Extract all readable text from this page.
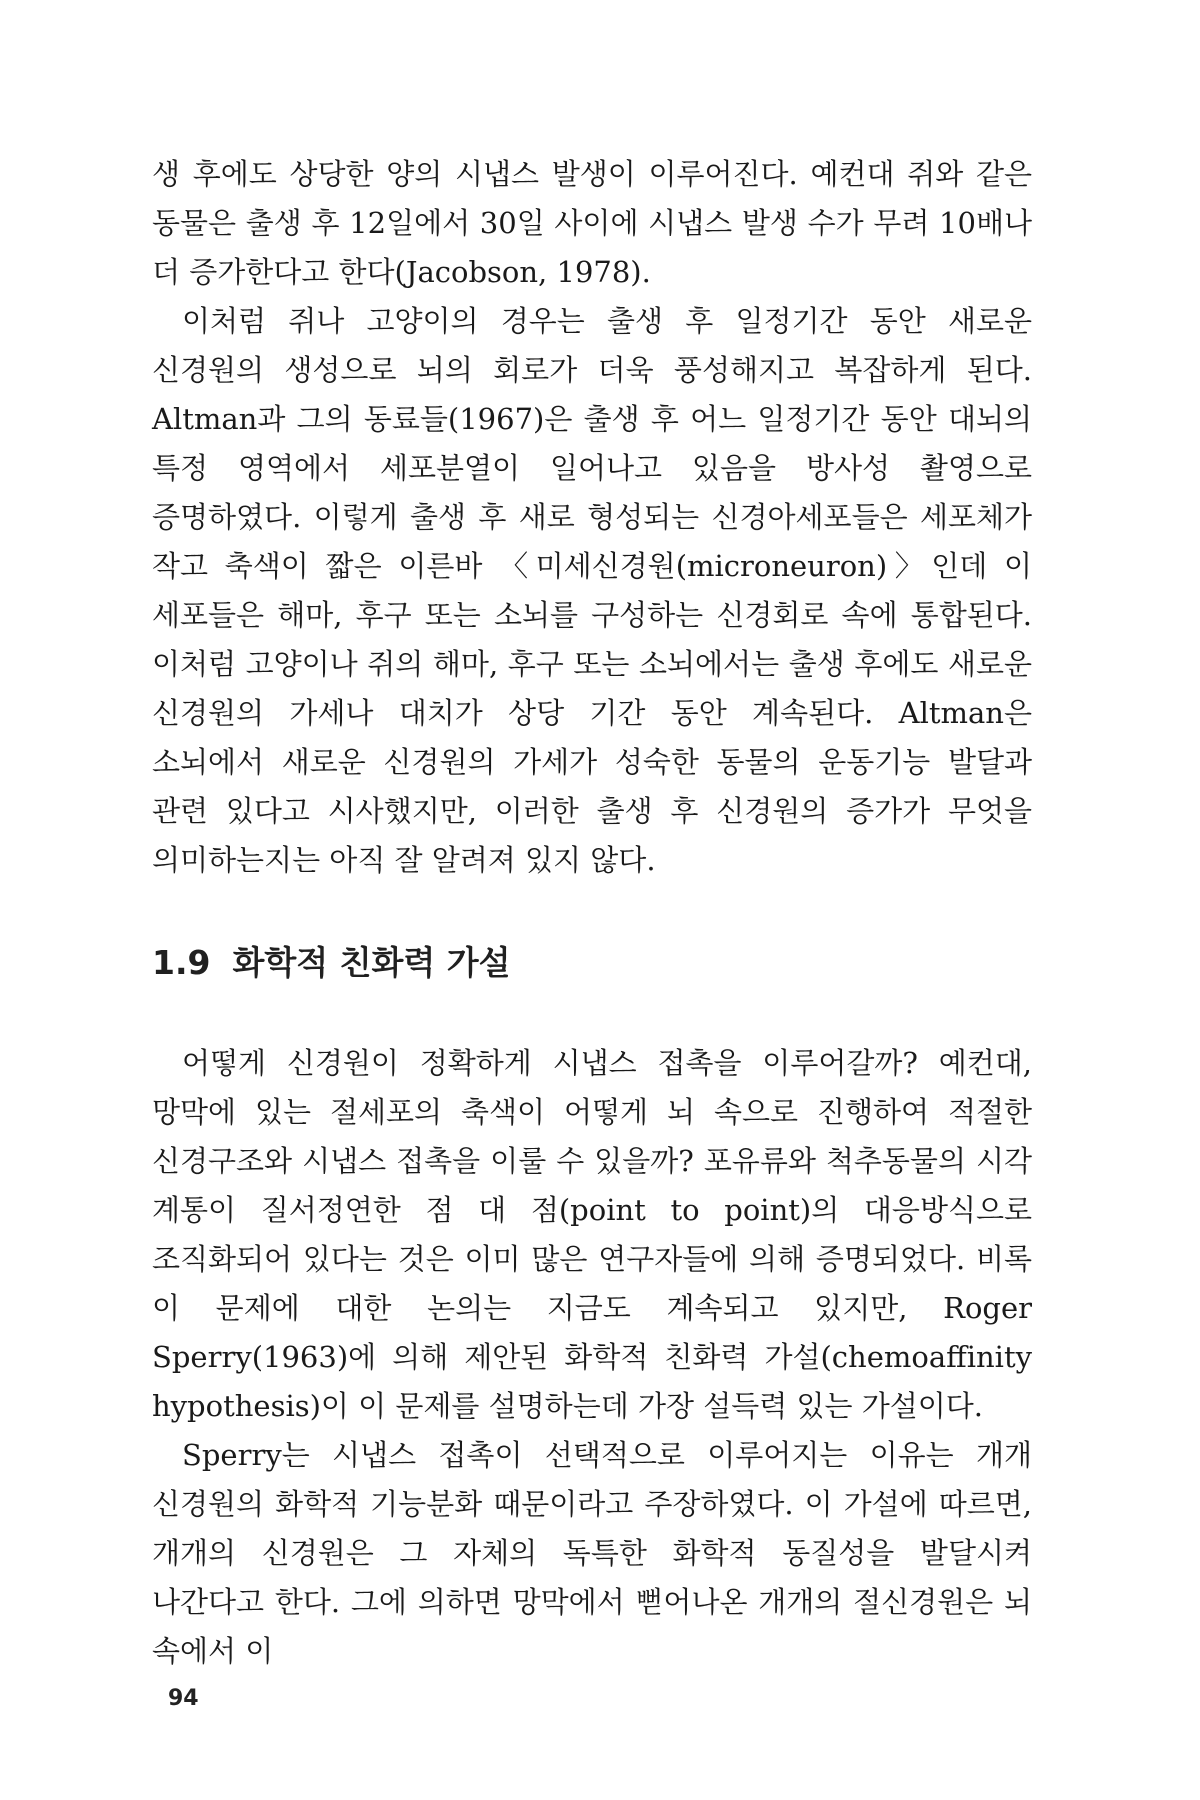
생 후에도 상당한 양의 시냅스 발생이 이루어진다. 예컨대 쥐와 같은 동물은 출생 후 12일에서 30일 사이에 시냅스 발생 수가 무려 10배나 더 증가한다고 한다(Jacobson, 1978).

이처럼 쥐나 고양이의 경우는 출생 후 일정기간 동안 새로운 신경원의 생성으로 뇌의 회로가 더욱 풍성해지고 복잡하게 된다. Altman과 그의 동료들(1967)은 출생 후 어느 일정기간 동안 대뇌의 특정 영역에서 세포분열이 일어나고 있음을 방사성 촬영으로 증명하였다. 이렇게 출생 후 새로 형성되는 신경아세포들은 세포체가 작고 축색이 짧은 이른바 〈미세신경원(microneuron)〉인데 이 세포들은 해마, 후구 또는 소뇌를 구성하는 신경회로 속에 통합된다. 이처럼 고양이나 쥐의 해마, 후구 또는 소뇌에서는 출생 후에도 새로운 신경원의 가세나 대치가 상당 기간 동안 계속된다. Altman은 소뇌에서 새로운 신경원의 가세가 성숙한 동물의 운동기능 발달과 관련 있다고 시사했지만, 이러한 출생 후 신경원의 증가가 무엇을 의미하는지는 아직 잘 알려져 있지 않다.

1.9 화학적 친화력 가설

어떻게 신경원이 정확하게 시냅스 접촉을 이루어갈까? 예컨대, 망막에 있는 절세포의 축색이 어떻게 뇌 속으로 진행하여 적절한 신경구조와 시냅스 접촉을 이룰 수 있을까? 포유류와 척추동물의 시각 계통이 질서정연한 점 대 점(point to point)의 대응방식으로 조직화되어 있다는 것은 이미 많은 연구자들에 의해 증명되었다. 비록 이 문제에 대한 논의는 지금도 계속되고 있지만, Roger Sperry(1963)에 의해 제안된 화학적 친화력 가설(chemoaffinity hypothesis)이 이 문제를 설명하는데 가장 설득력 있는 가설이다.

Sperry는 시냅스 접촉이 선택적으로 이루어지는 이유는 개개 신경원의 화학적 기능분화 때문이라고 주장하였다. 이 가설에 따르면, 개개의 신경원은 그 자체의 독특한 화학적 동질성을 발달시켜 나간다고 한다. 그에 의하면 망막에서 뻗어나온 개개의 절신경원은 뇌 속에서 이

94
